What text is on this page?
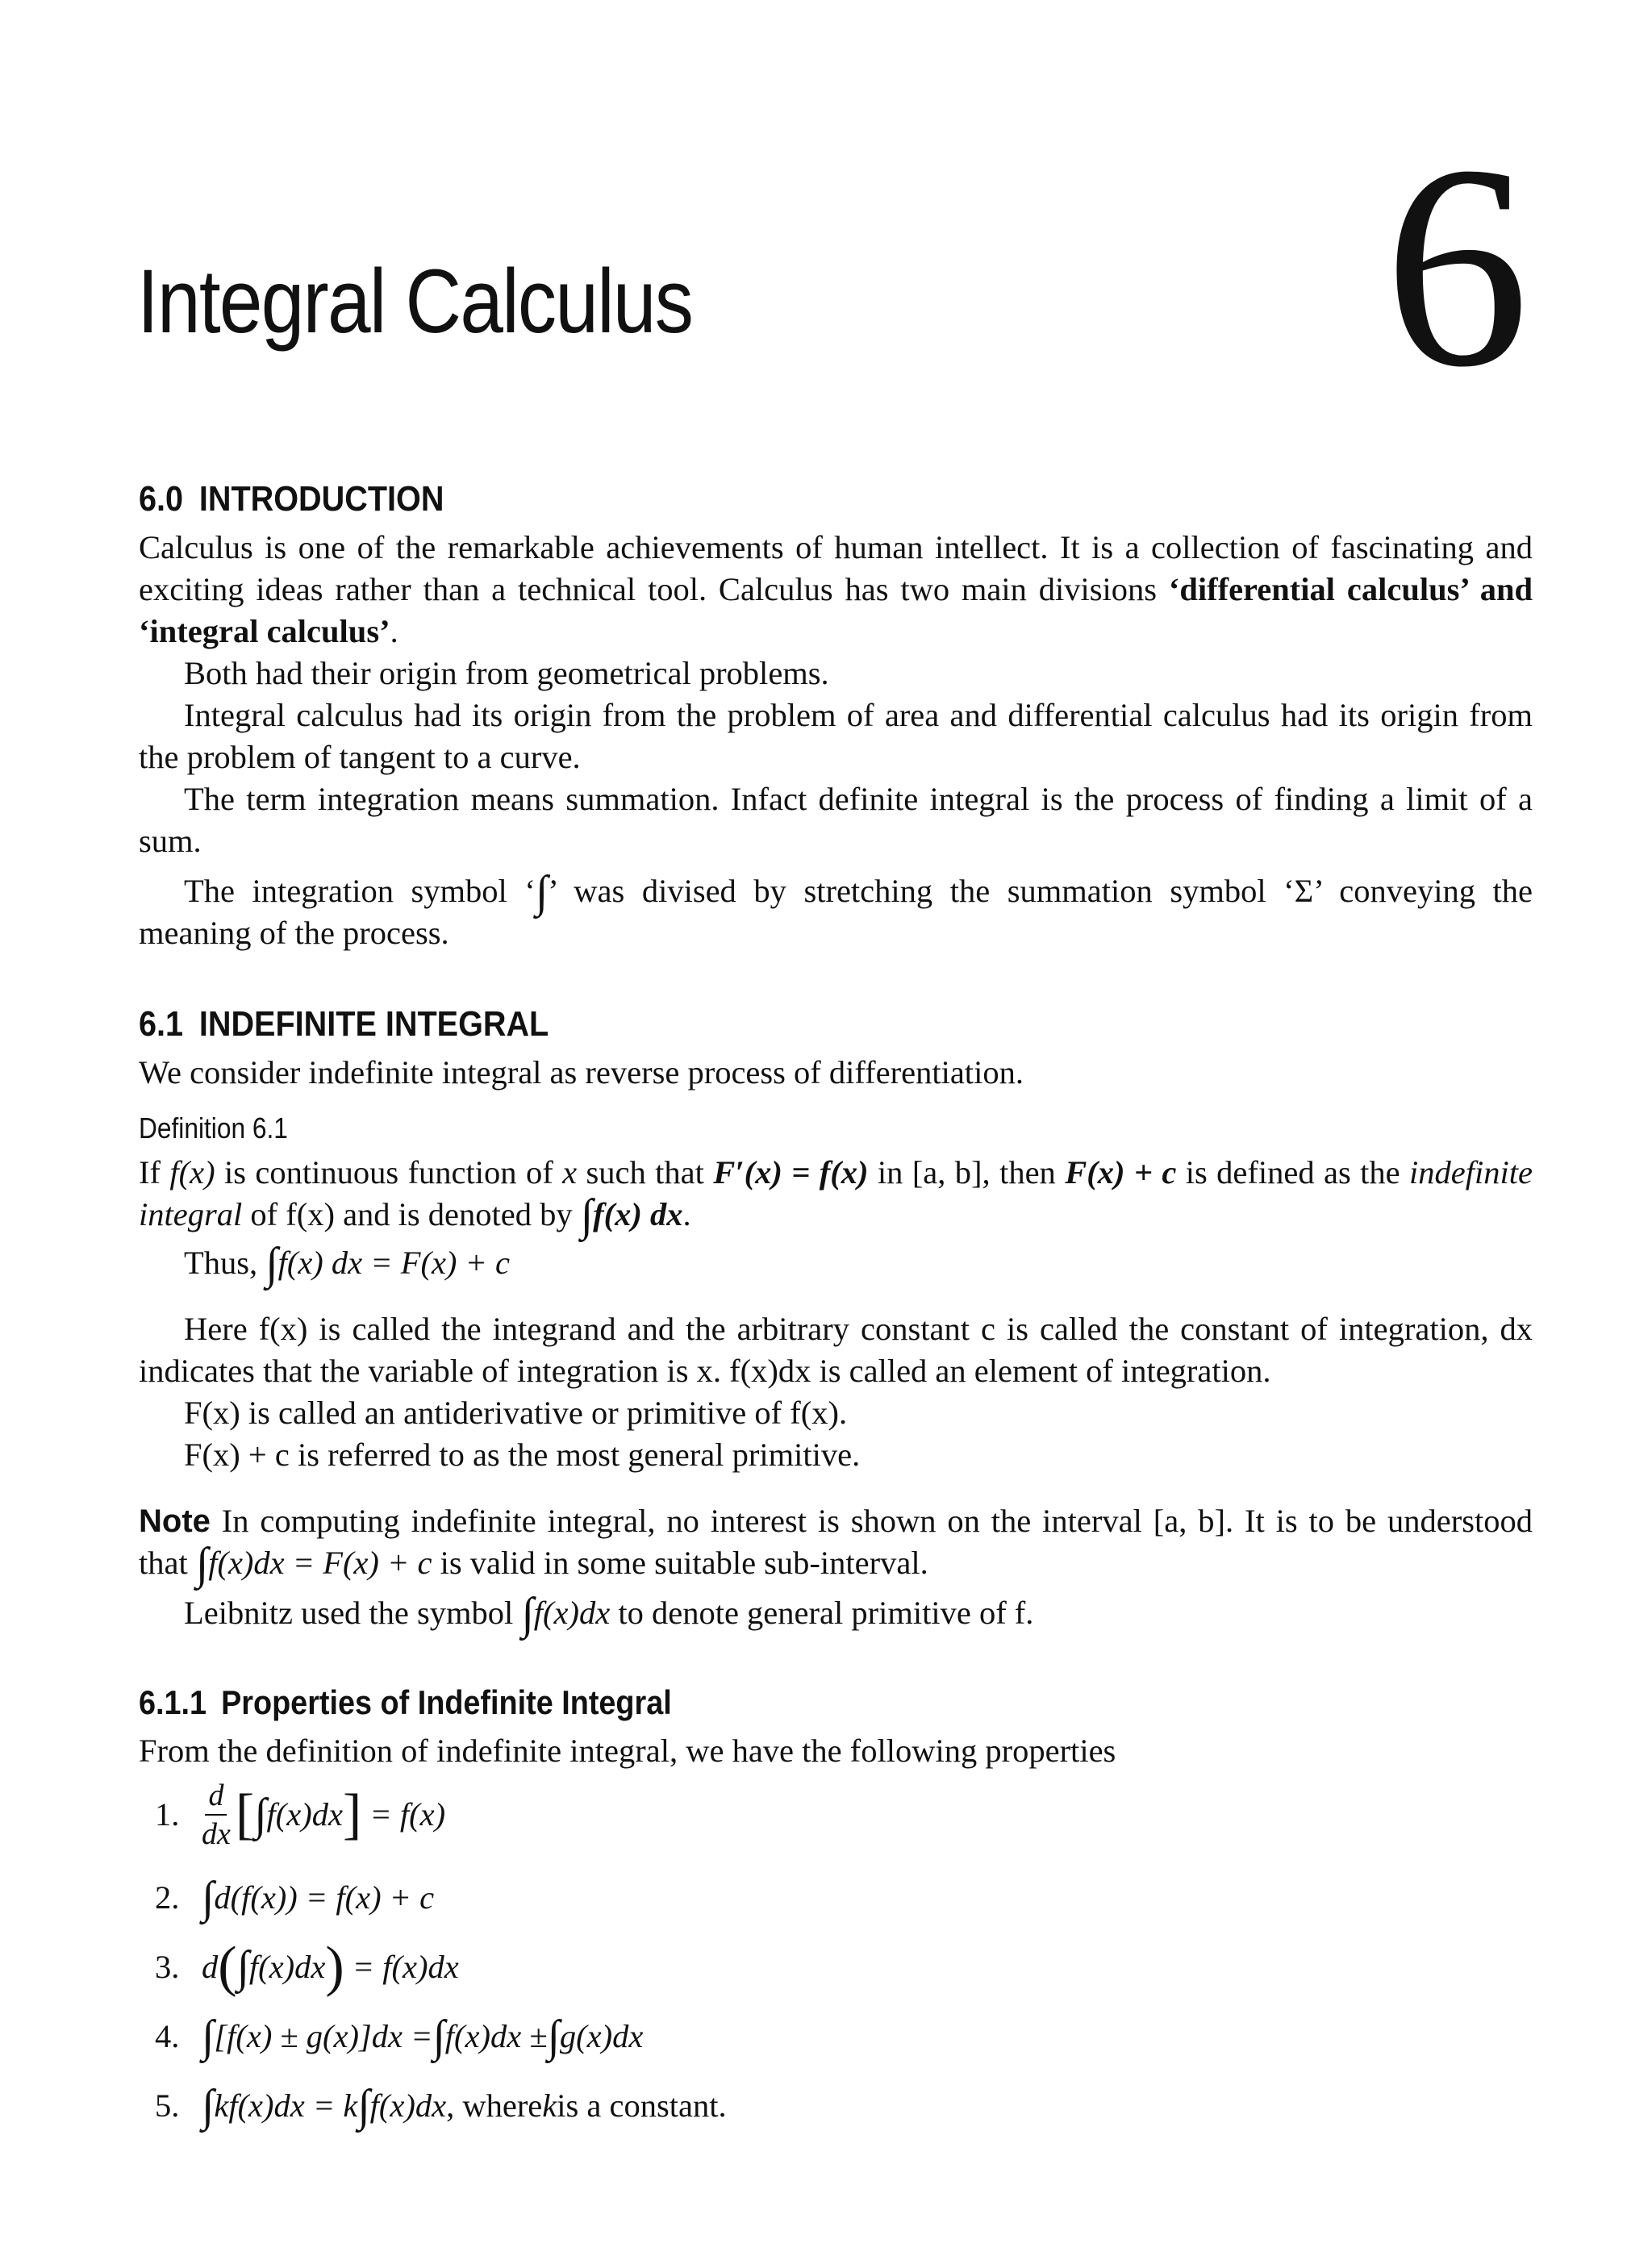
Integral Calculus 6
6.0 INTRODUCTION

Calculus is one of the remarkable achievements of human intellect. It is a collection of fascinating and exciting ideas rather than a technical tool. Calculus has two main divisions ‘differential calculus’ and ‘integral calculus’.

Both had their origin from geometrical problems.

Integral calculus had its origin from the problem of area and differential calculus had its origin from the problem of tangent to a curve.

The term integration means summation. Infact definite integral is the process of finding a limit of a sum.

The integration symbol ‘∫’ was divised by stretching the summation symbol ‘Σ’ conveying the meaning of the process.

6.1 INDEFINITE INTEGRAL

We consider indefinite integral as reverse process of differentiation.

Definition 6.1

If f(x) is continuous function of x such that F′(x) = f(x) in [a, b], then F(x) + c is defined as the indefinite integral of f(x) and is denoted by ∫f(x) dx.

Thus, ∫f(x) dx = F(x) + c

Here f(x) is called the integrand and the arbitrary constant c is called the constant of integration, dx indicates that the variable of integration is x. f(x)dx is called an element of integration.

F(x) is called an antiderivative or primitive of f(x).

F(x) + c is referred to as the most general primitive.

Note In computing indefinite integral, no interest is shown on the interval [a, b]. It is to be understood that ∫f(x)dx = F(x) + c is valid in some suitable sub-interval.

Leibnitz used the symbol ∫f(x)dx to denote general primitive of f.

6.1.1 Properties of Indefinite Integral

From the definition of indefinite integral, we have the following properties

1. $\frac{d}{dx}$ [ ∫ f(x)dx ]
= f(x)
2. ∫ d(f(x)) = f(x) + c
3. d ( ∫ f(x)dx )
= f(x)dx
4. ∫ [f(x) ± g(x)]dx = ∫ f(x)dx ± ∫ g(x)dx
5. ∫ kf(x)dx = k ∫ f(x)dx , where k is a constant.
